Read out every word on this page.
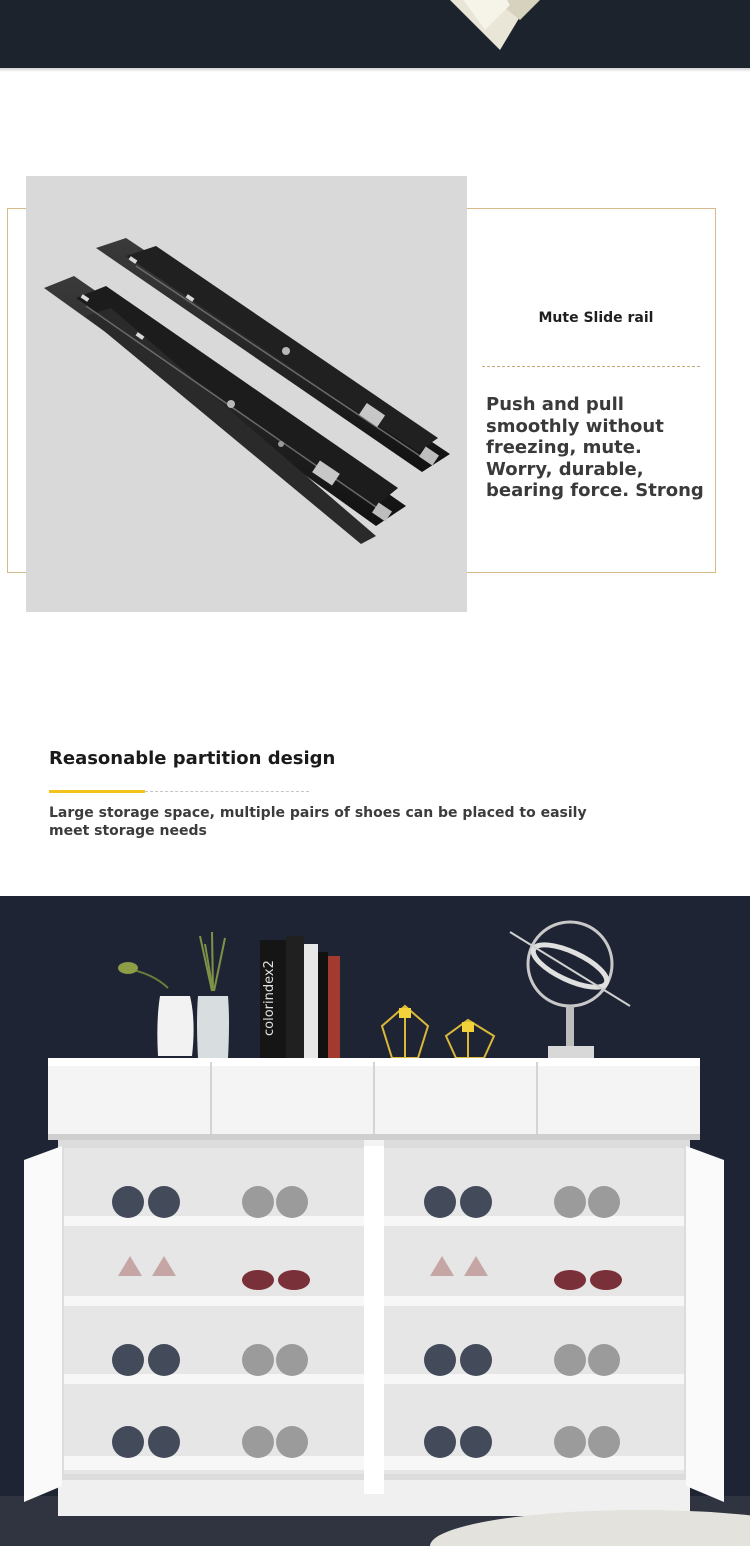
Mute Slide rail
Push and pull smoothly without freezing, mute. Worry, durable, bearing force. Strong
Reasonable partition design
Large storage space, multiple pairs of shoes can be placed to easily meet storage needs
colorindex2
